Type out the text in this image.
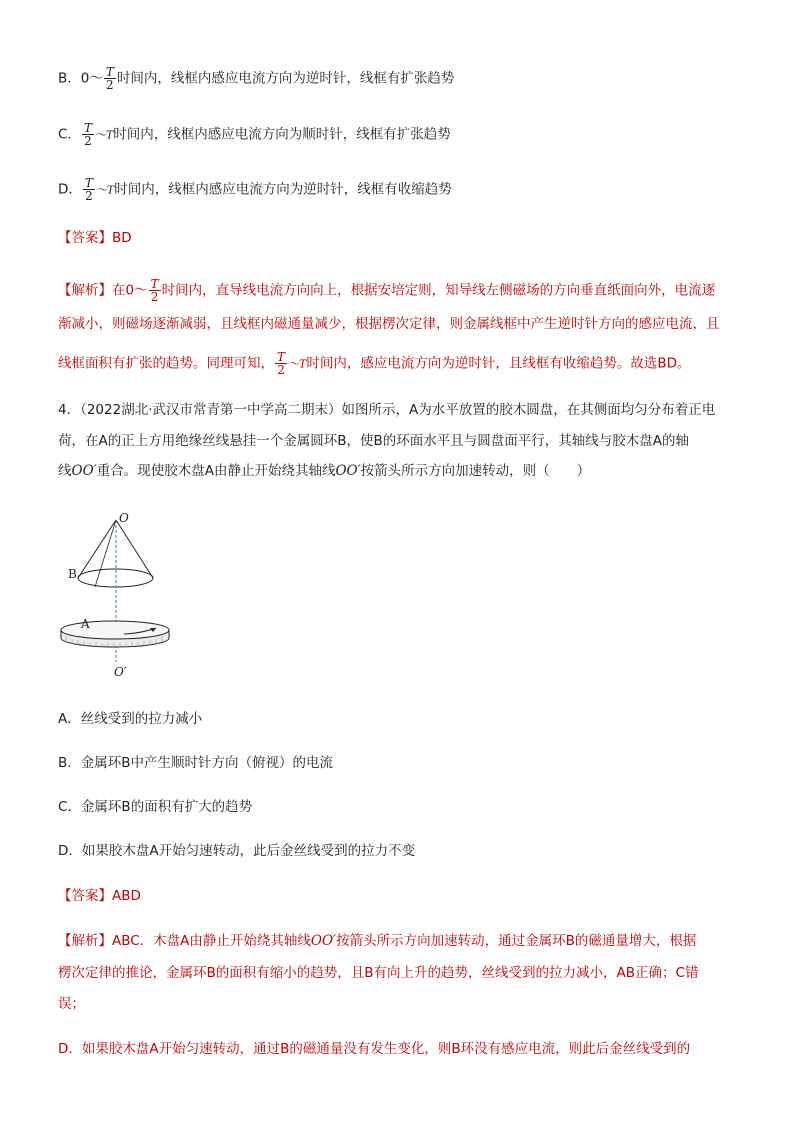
B．0～ $\frac{T}{2}$ 时间内，线框内感应电流方向为逆时针，线框有扩张趋势
C． $\frac{T}{2}$ ～T时间内，线框内感应电流方向为顺时针，线框有扩张趋势
D． $\frac{T}{2}$ ～T时间内，线框内感应电流方向为逆时针，线框有收缩趋势
【答案】BD
【解析】在0～ $\frac{T}{2}$ 时间内，直导线电流方向向上，根据安培定则，知导线左侧磁场的方向垂直纸面向外，电流逐
渐减小，则磁场逐渐减弱，且线框内磁通量减少，根据楞次定律，则金属线框中产生逆时针方向的感应电流，且
线框面积有扩张的趋势。同理可知， $\frac{T}{2}$ ～T时间内，感应电流方向为逆时针，且线框有收缩趋势。故选BD。
4．（2022湖北·武汉市常青第一中学高二期末）如图所示，A为水平放置的胶木圆盘，在其侧面均匀分布着正电
荷，在A的正上方用绝缘丝线悬挂一个金属圆环B，使B的环面水平且与圆盘面平行，其轴线与胶木盘A的轴
线OO′重合。现使胶木盘A由静止开始绕其轴线OO′按箭头所示方向加速转动，则（　　）
O
B
A
O′
A．丝线受到的拉力减小
B．金属环B中产生顺时针方向（俯视）的电流
C．金属环B的面积有扩大的趋势
D．如果胶木盘A开始匀速转动，此后金丝线受到的拉力不变
【答案】ABD
【解析】ABC．木盘A由静止开始绕其轴线OO′按箭头所示方向加速转动，通过金属环B的磁通量增大，根据
楞次定律的推论，金属环B的面积有缩小的趋势，且B有向上升的趋势，丝线受到的拉力减小，AB正确；C错
误；
D．如果胶木盘A开始匀速转动，通过B的磁通量没有发生变化，则B环没有感应电流，则此后金丝线受到的
